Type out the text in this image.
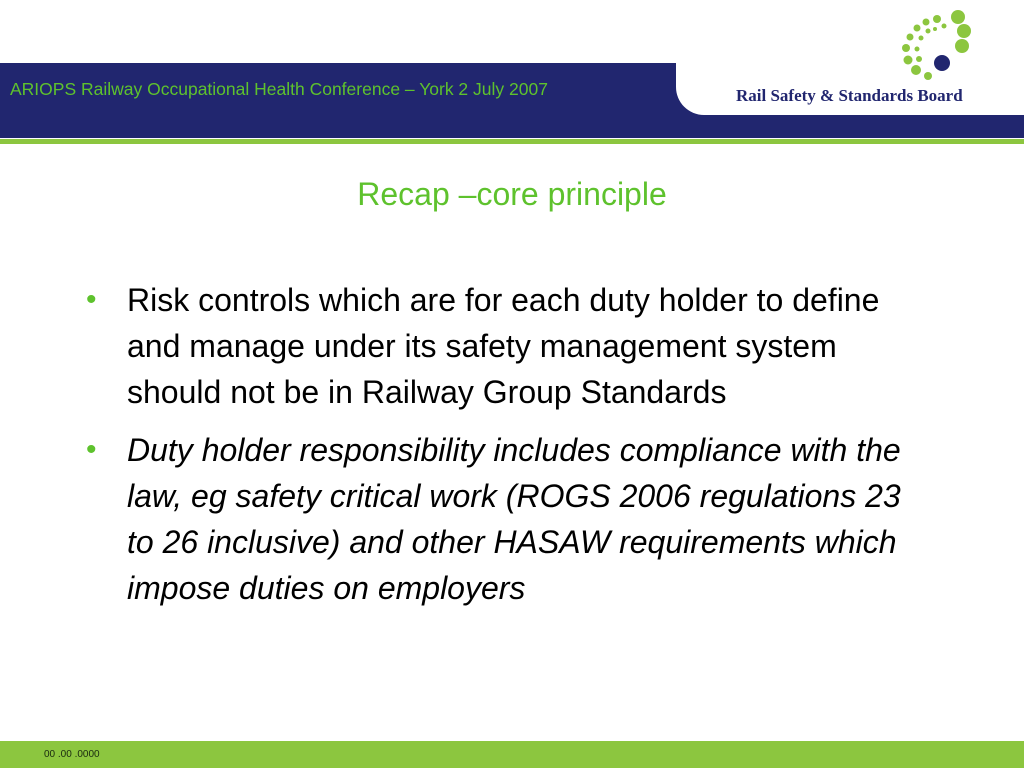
ARIOPS Railway Occupational Health Conference – York 2 July 2007	Rail Safety & Standards Board
Recap –core principle
• Risk controls which are for each duty holder to define and manage under its safety management system should not be in Railway Group Standards
• Duty holder responsibility includes compliance with the law, eg safety critical work (ROGS 2006 regulations 23 to 26 inclusive) and other HASAW requirements which impose duties on employers
00 .00 .0000
